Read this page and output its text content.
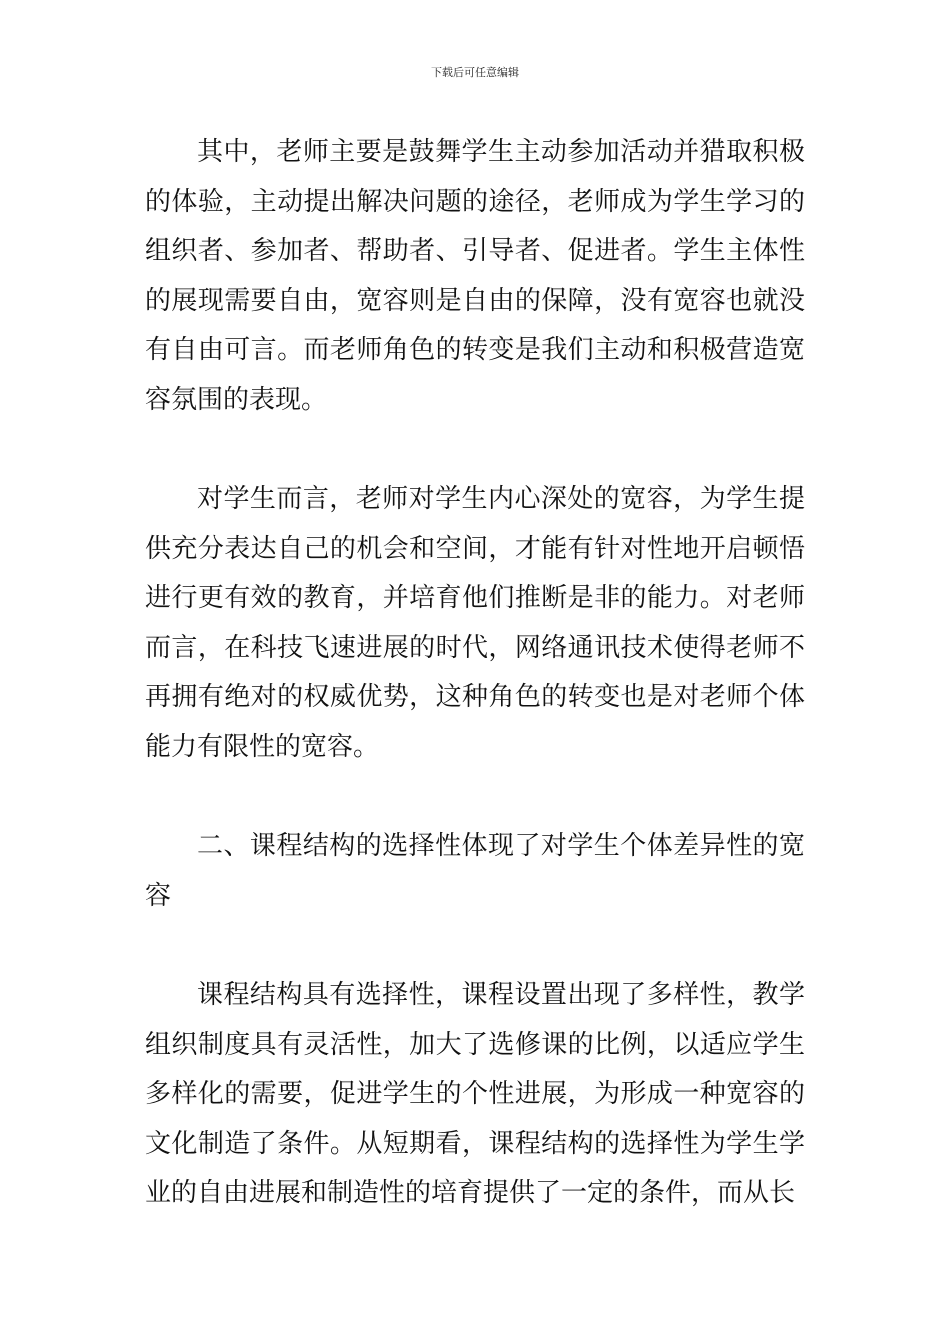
下载后可任意编辑

其中，老师主要是鼓舞学生主动参加活动并猎取积极的体验，主动提出解决问题的途径，老师成为学生学习的组织者、参加者、帮助者、引导者、促进者。学生主体性的展现需要自由，宽容则是自由的保障，没有宽容也就没有自由可言。而老师角色的转变是我们主动和积极营造宽容氛围的表现。

对学生而言，老师对学生内心深处的宽容，为学生提供充分表达自己的机会和空间，才能有针对性地开启顿悟进行更有效的教育，并培育他们推断是非的能力。对老师而言，在科技飞速进展的时代，网络通讯技术使得老师不再拥有绝对的权威优势，这种角色的转变也是对老师个体能力有限性的宽容。

二、课程结构的选择性体现了对学生个体差异性的宽容

课程结构具有选择性，课程设置出现了多样性，教学组织制度具有灵活性，加大了选修课的比例，以适应学生多样化的需要，促进学生的个性进展，为形成一种宽容的文化制造了条件。从短期看，课程结构的选择性为学生学业的自由进展和制造性的培育提供了一定的条件，而从长
